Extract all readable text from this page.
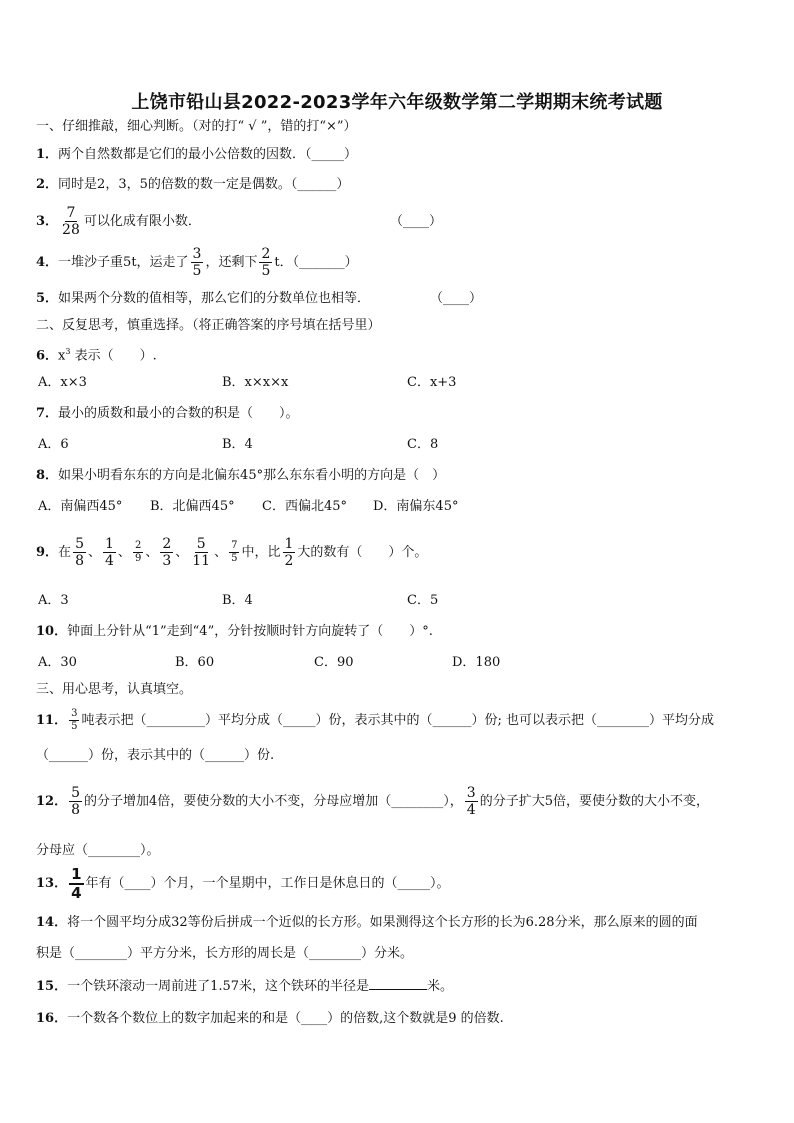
上饶市铅山县2022-2023学年六年级数学第二学期期末统考试题
一、仔细推敲，细心判断。（对的打“ √ ”，错的打“×”）
1．两个自然数都是它们的最小公倍数的因数．（_____）
2．同时是2，3，5的倍数的数一定是偶数。（______）
3． $\frac{7}{28}$ 可以化成有限小数．	（____）
4．一堆沙子重5t，运走了 $\frac{3}{5}$ ，还剩下 $\frac{2}{5}$ t．（_______）
5．如果两个分数的值相等，那么它们的分数单位也相等．	（____）
二、反复思考，慎重选择。（将正确答案的序号填在括号里）
6．$x^3$ 表示（　　）.
A．x×3	B．x×x×x	C．x+3
7．最小的质数和最小的合数的积是（　　）。
A．6	B．4	C．8
8．如果小明看东东的方向是北偏东45°那么东东看小明的方向是（　）
A．南偏西45° B．北偏西45° C．西偏北45° D．南偏东45°
9．在 $\frac{5}{8}$ 、 $\frac{1}{4}$ 、 $\frac{2}{9}$ 、 $\frac{2}{3}$ 、 $\frac{5}{11}$ 、 $\frac{7}{5}$ 中，比 $\frac{1}{2}$ 大的数有（　　）个。
A．3	B．4	C．5
10．钟面上分针从“1”走到“4”，分针按顺时针方向旋转了（　　）°.
A．30	B．60	C．90	D．180
三、用心思考，认真填空。
11． $\frac{3}{5}$ 吨表示把（_________）平均分成（_____）份，表示其中的（______）份; 也可以表示把（________）平均分成
（______）份，表示其中的（______）份.
12． $\frac{5}{8}$ 的分子增加4倍，要使分数的大小不变，分母应增加（________）， $\frac{3}{4}$ 的分子扩大5倍，要使分数的大小不变，
分母应（________）。
13． $\frac{1}{4}$ 年有（____）个月，一个星期中，工作日是休息日的（_____）。
14．将一个圆平均分成32等份后拼成一个近似的长方形。如果测得这个长方形的长为6.28分米，那么原来的圆的面
积是（________）平方分米，长方形的周长是（________）分米。
15．一个铁环滚动一周前进了1.57米，这个铁环的半径是	米。
16．一个数各个数位上的数字加起来的和是（____）的倍数,这个数就是9 的倍数.
